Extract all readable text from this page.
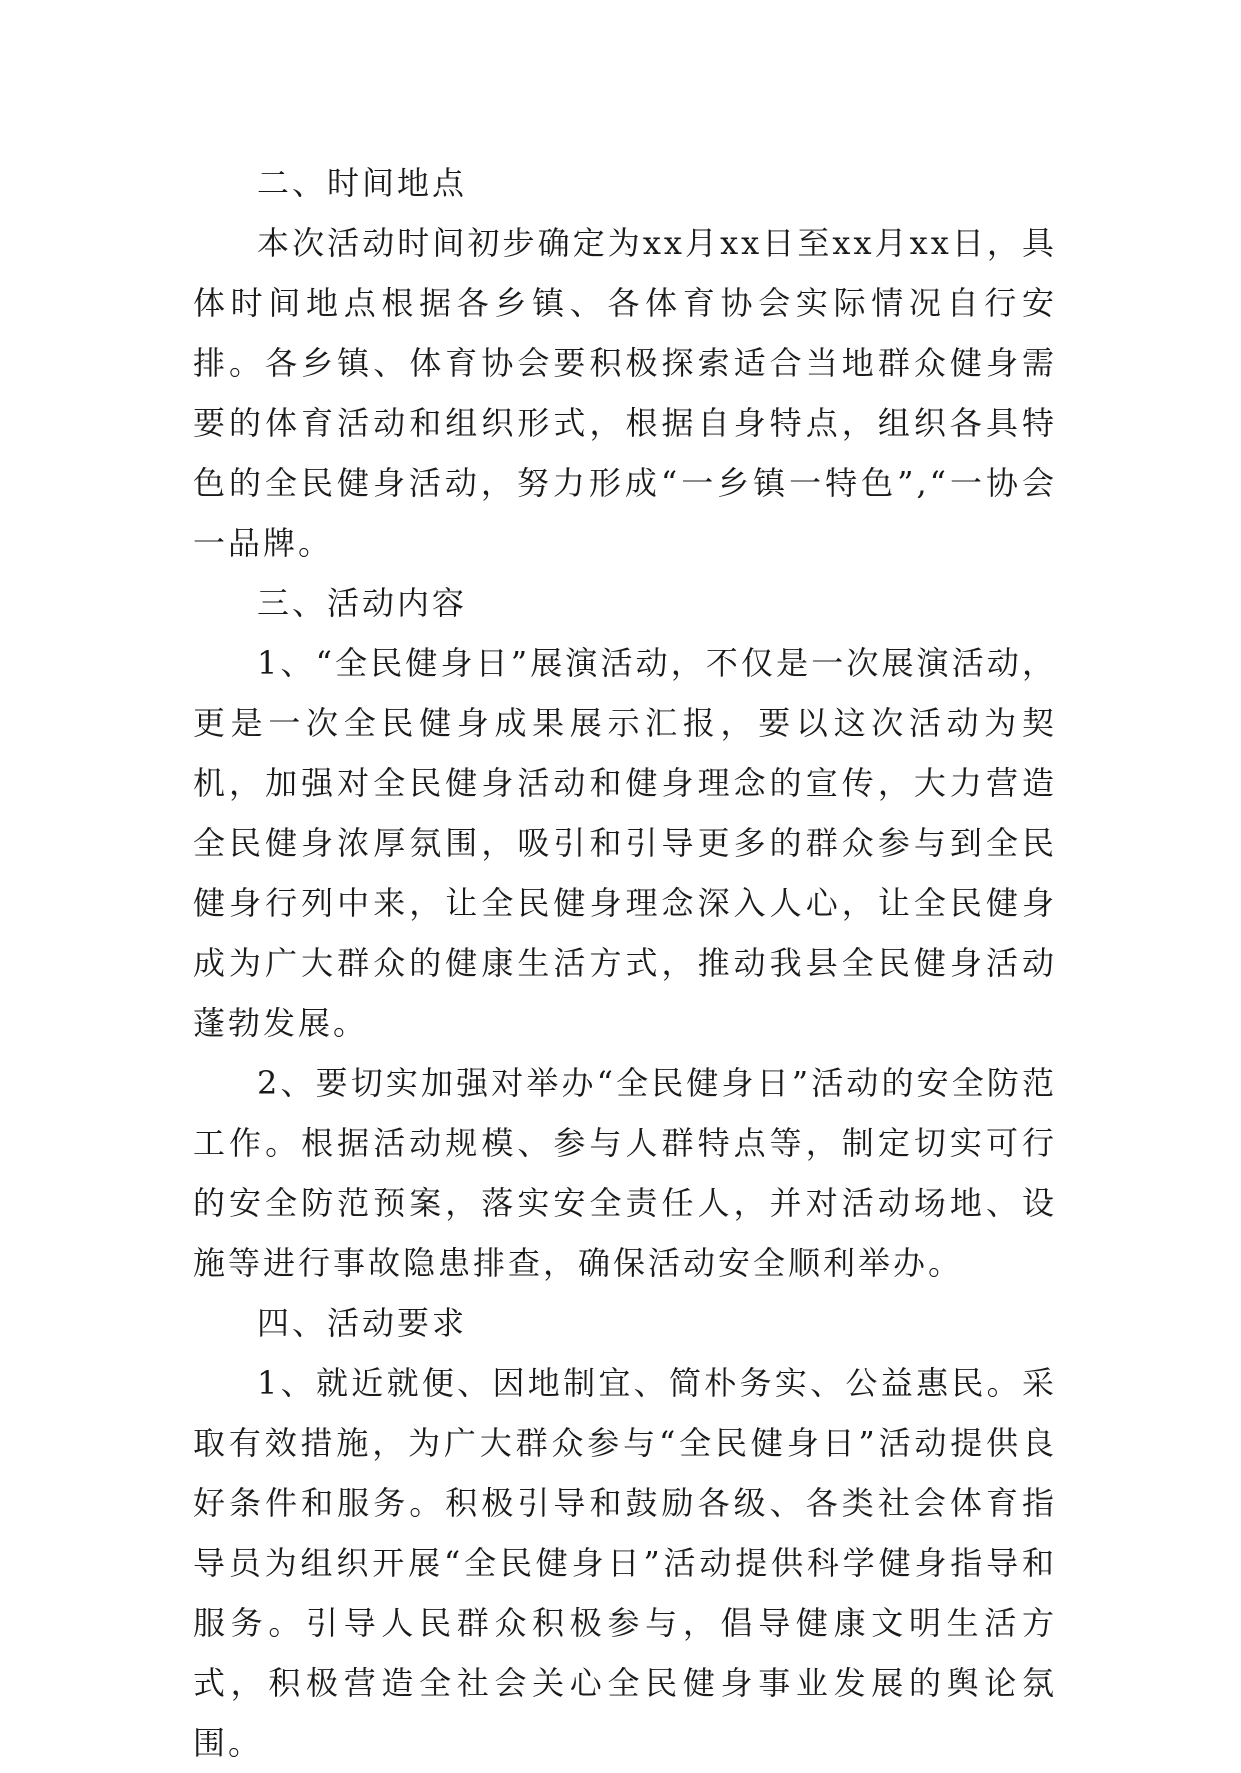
二、时间地点

本次活动时间初步确定为xx月xx日至xx月xx日，具体时间地点根据各乡镇、各体育协会实际情况自行安排。各乡镇、体育协会要积极探索适合当地群众健身需要的体育活动和组织形式，根据自身特点，组织各具特色的全民健身活动，努力形成“一乡镇一特色”,“一协会一品牌。

三、活动内容

1、“全民健身日”展演活动，不仅是一次展演活动，更是一次全民健身成果展示汇报，要以这次活动为契机，加强对全民健身活动和健身理念的宣传，大力营造全民健身浓厚氛围，吸引和引导更多的群众参与到全民健身行列中来，让全民健身理念深入人心，让全民健身成为广大群众的健康生活方式，推动我县全民健身活动蓬勃发展。

2、要切实加强对举办“全民健身日”活动的安全防范工作。根据活动规模、参与人群特点等，制定切实可行的安全防范预案，落实安全责任人，并对活动场地、设施等进行事故隐患排查，确保活动安全顺利举办。

四、活动要求

1、就近就便、因地制宜、简朴务实、公益惠民。采取有效措施，为广大群众参与“全民健身日”活动提供良好条件和服务。积极引导和鼓励各级、各类社会体育指导员为组织开展“全民健身日”活动提供科学健身指导和服务。引导人民群众积极参与，倡导健康文明生活方式，积极营造全社会关心全民健身事业发展的舆论氛围。
